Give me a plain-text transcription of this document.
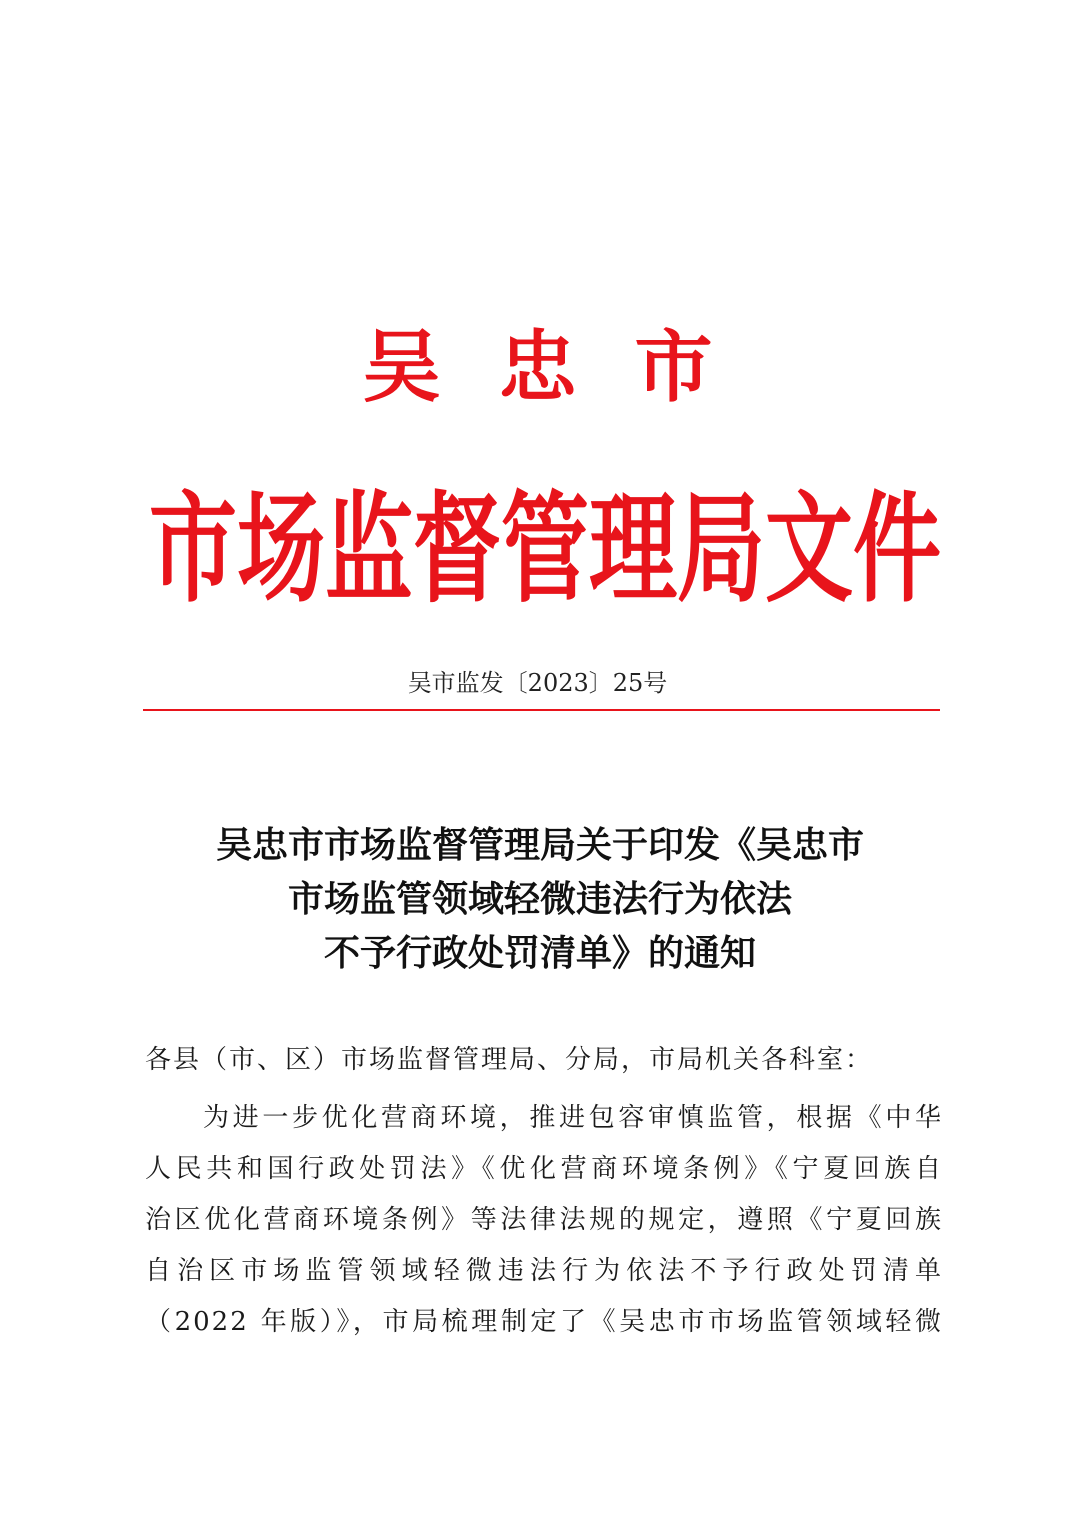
吴忠市
市场监督管理局文件
吴市监发〔2023〕25号
吴忠市市场监督管理局关于印发《吴忠市
市场监管领域轻微违法行为依法
不予行政处罚清单》的通知
各县（市、区）市场监督管理局、分局，市局机关各科室：
为进一步优化营商环境，推进包容审慎监管，根据《中华
人民共和国行政处罚法》《优化营商环境条例》《宁夏回族自
治区优化营商环境条例》等法律法规的规定，遵照《宁夏回族
自治区市场监管领域轻微违法行为依法不予行政处罚清单
（2022 年版）》，市局梳理制定了《吴忠市市场监管领域轻微
